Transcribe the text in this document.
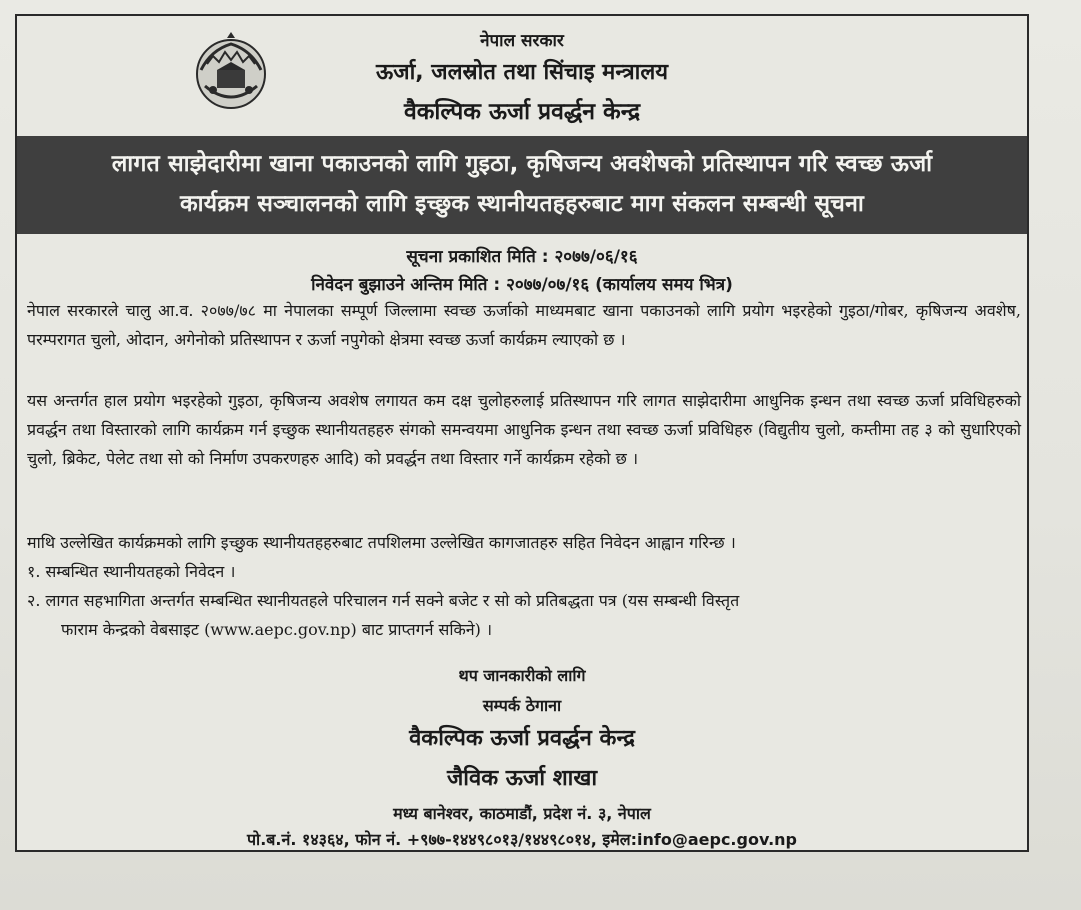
नेपाल सरकार
ऊर्जा, जलस्रोत तथा सिंचाइ मन्त्रालय
वैकल्पिक ऊर्जा प्रवर्द्धन केन्द्र
लागत साझेदारीमा खाना पकाउनको लागि गुइठा, कृषिजन्य अवशेषको प्रतिस्थापन गरि स्वच्छ ऊर्जा
कार्यक्रम सञ्चालनको लागि इच्छुक स्थानीयतहहरुबाट माग संकलन सम्बन्धी सूचना
सूचना प्रकाशित मिति : २०७७/०६/१६
निवेदन बुझाउने अन्तिम मिति : २०७७/०७/१६ (कार्यालय समय भित्र)
नेपाल सरकारले चालु आ.व. २०७७/७८ मा नेपालका सम्पूर्ण जिल्लामा स्वच्छ ऊर्जाको माध्यमबाट खाना पकाउनको लागि प्रयोग भइरहेको गुइठा/गोबर, कृषिजन्य अवशेष, परम्परागत चुलो, ओदान, अगेनोको प्रतिस्थापन र ऊर्जा नपुगेको क्षेत्रमा स्वच्छ ऊर्जा कार्यक्रम ल्याएको छ ।
यस अन्तर्गत हाल प्रयोग भइरहेको गुइठा, कृषिजन्य अवशेष लगायत कम दक्ष चुलोहरुलाई प्रतिस्थापन गरि लागत साझेदारीमा आधुनिक इन्धन तथा स्वच्छ ऊर्जा प्रविधिहरुको प्रवर्द्धन तथा विस्तारको लागि कार्यक्रम गर्न इच्छुक स्थानीयतहहरु संगको समन्वयमा आधुनिक इन्धन तथा स्वच्छ ऊर्जा प्रविधिहरु (विद्युतीय चुलो, कम्तीमा तह ३ को सुधारिएको चुलो, ब्रिकेट, पेलेट तथा सो को निर्माण उपकरणहरु आदि) को प्रवर्द्धन तथा विस्तार गर्ने कार्यक्रम रहेको छ ।
माथि उल्लेखित कार्यक्रमको लागि इच्छुक स्थानीयतहहरुबाट तपशिलमा उल्लेखित कागजातहरु सहित निवेदन आह्वान गरिन्छ ।
१. सम्बन्धित स्थानीयतहको निवेदन ।
२. लागत सहभागिता अन्तर्गत सम्बन्धित स्थानीयतहले परिचालन गर्न सक्ने बजेट र सो को प्रतिबद्धता पत्र (यस सम्बन्धी विस्तृत
फाराम केन्द्रको वेबसाइट (www.aepc.gov.np) बाट प्राप्तगर्न सकिने) ।
थप जानकारीको लागि
सम्पर्क ठेगाना
वैकल्पिक ऊर्जा प्रवर्द्धन केन्द्र
जैविक ऊर्जा शाखा
मध्य बानेश्वर, काठमाडौं, प्रदेश नं. ३, नेपाल
पो.ब.नं. १४३६४, फोन नं. +९७७-१४४९८०१३/१४४९८०१४, इमेल:info@aepc.gov.np
